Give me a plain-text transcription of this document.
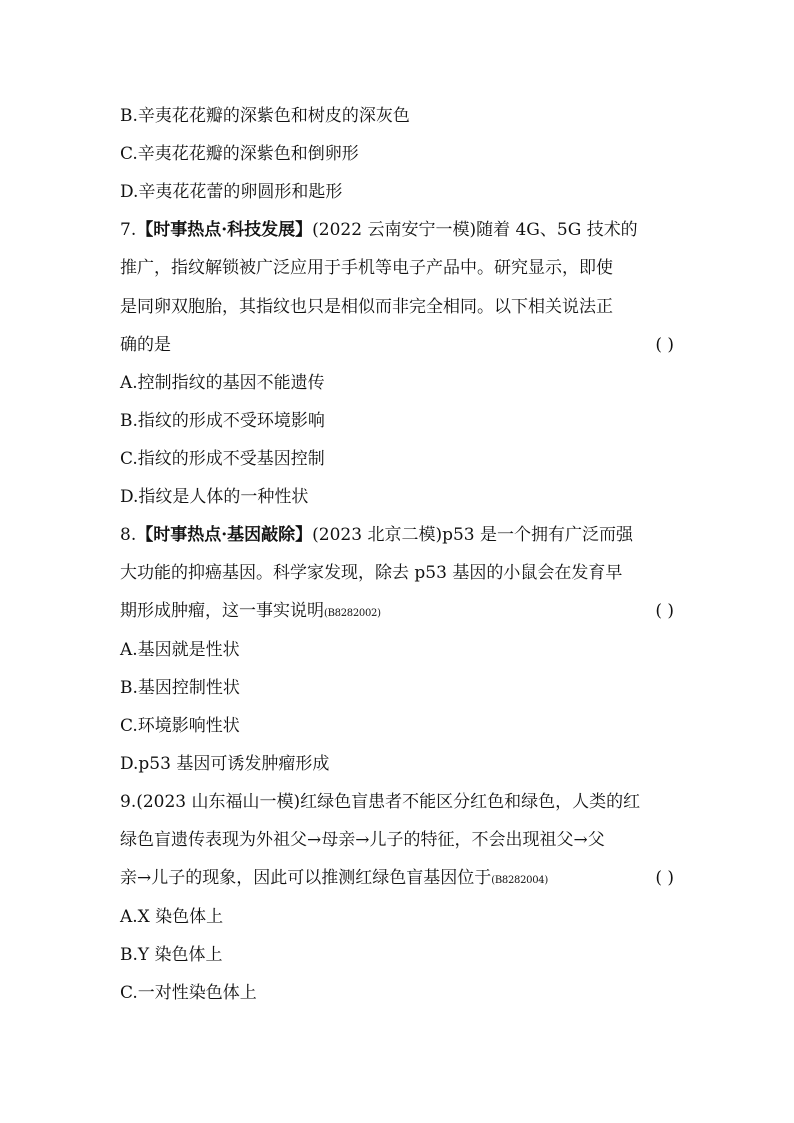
B.辛夷花花瓣的深紫色和树皮的深灰色
C.辛夷花花瓣的深紫色和倒卵形
D.辛夷花花蕾的卵圆形和匙形
7.【时事热点·科技发展】(2022 云南安宁一模)随着 4G、5G 技术的
推广，指纹解锁被广泛应用于手机等电子产品中。研究显示，即使
是同卵双胞胎，其指纹也只是相似而非完全相同。以下相关说法正
确的是	( )
A.控制指纹的基因不能遗传
B.指纹的形成不受环境影响
C.指纹的形成不受基因控制
D.指纹是人体的一种性状
8.【时事热点·基因敲除】(2023 北京二模)p53 是一个拥有广泛而强
大功能的抑癌基因。科学家发现，除去 p53 基因的小鼠会在发育早
期形成肿瘤，这一事实说明(B8282002)	( )
A.基因就是性状
B.基因控制性状
C.环境影响性状
D.p53 基因可诱发肿瘤形成
9.(2023 山东福山一模)红绿色盲患者不能区分红色和绿色，人类的红
绿色盲遗传表现为外祖父→母亲→儿子的特征，不会出现祖父→父
亲→儿子的现象，因此可以推测红绿色盲基因位于(B8282004)	( )
A.X 染色体上
B.Y 染色体上
C.一对性染色体上
